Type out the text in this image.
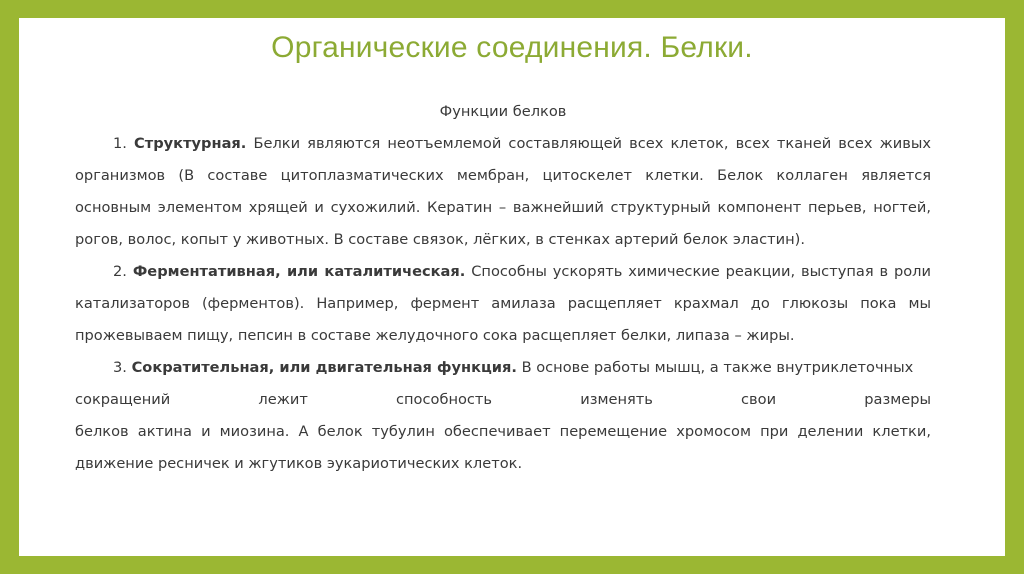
Органические соединения. Белки.

Функции белков

1. Структурная. Белки являются неотъемлемой составляющей всех клеток, всех тканей всех живых организмов (В составе цитоплазматических мембран, цитоскелет клетки. Белок коллаген является основным элементом хрящей и сухожилий. Кератин – важнейший структурный компонент перьев, ногтей, рогов, волос, копыт у животных. В составе связок, лёгких, в стенках артерий белок эластин).

2. Ферментативная, или каталитическая. Способны ускорять химические реакции, выступая в роли катализаторов (ферментов). Например, фермент амилаза расщепляет крахмал до глюкозы пока мы прожевываем пищу, пепсин в составе желудочного сока расщепляет белки, липаза – жиры.

3. Сократительная, или двигательная функция. В основе работы мышц, а также внутриклеточных

сокращений лежит способность изменять свои размеры

белков актина и миозина. А белок тубулин обеспечивает перемещение хромосом при делении клетки, движение ресничек и жгутиков эукариотических клеток.
